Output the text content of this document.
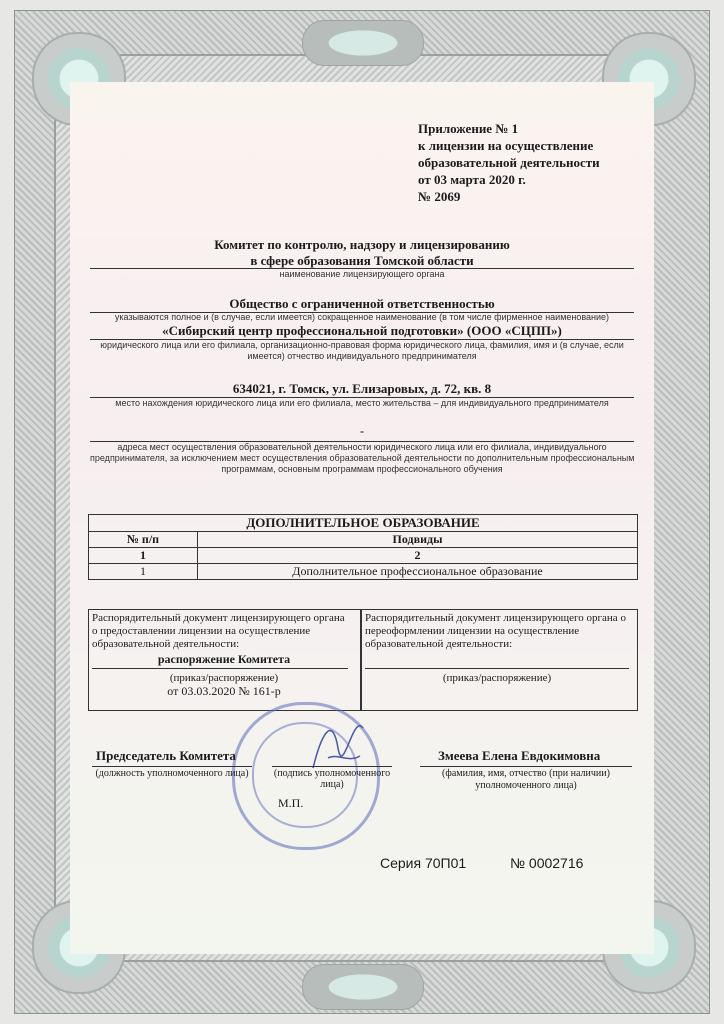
Приложение № 1
к лицензии на осуществление
образовательной деятельности
от 03 марта 2020 г.
№ 2069
Комитет по контролю, надзору и лицензированию
в сфере образования Томской области
наименование лицензирующего органа
Общество с ограниченной ответственностью
указываются полное и (в случае, если имеется) сокращенное наименование (в том числе фирменное наименование)
«Сибирский центр профессиональной подготовки» (ООО «СЦПП»)
юридического лица или его филиала, организационно-правовая форма юридического лица, фамилия, имя и (в случае, если
имеется) отчество индивидуального предпринимателя
634021, г. Томск, ул. Елизаровых, д. 72, кв. 8
место нахождения юридического лица или его филиала, место жительства – для индивидуального предпринимателя
-
адреса мест осуществления образовательной деятельности юридического лица или его филиала, индивидуального
предпринимателя, за исключением мест осуществления образовательной деятельности по дополнительным профессиональным
программам, основным программам профессионального обучения
ДОПОЛНИТЕЛЬНОЕ ОБРАЗОВАНИЕ	
№ п/п	Подвиды
1	2
1	Дополнительное профессиональное образование
Распорядительный документ лицензирующего органа
о предоставлении лицензии на осуществление
образовательной деятельности:
распоряжение Комитета
(приказ/распоряжение)
от 03.03.2020 № 161-р
Распорядительный документ лицензирующего органа о
переоформлении лицензии на осуществление
образовательной деятельности:
(приказ/распоряжение)
Председатель Комитета
(должность уполномоченного лица)	(подпись уполномоченного
лица)
Змеева Елена Евдокимовна
(фамилия, имя, отчество (при наличии)
уполномоченного лица)
М.П.
Серия 70П01	№ 0002716
